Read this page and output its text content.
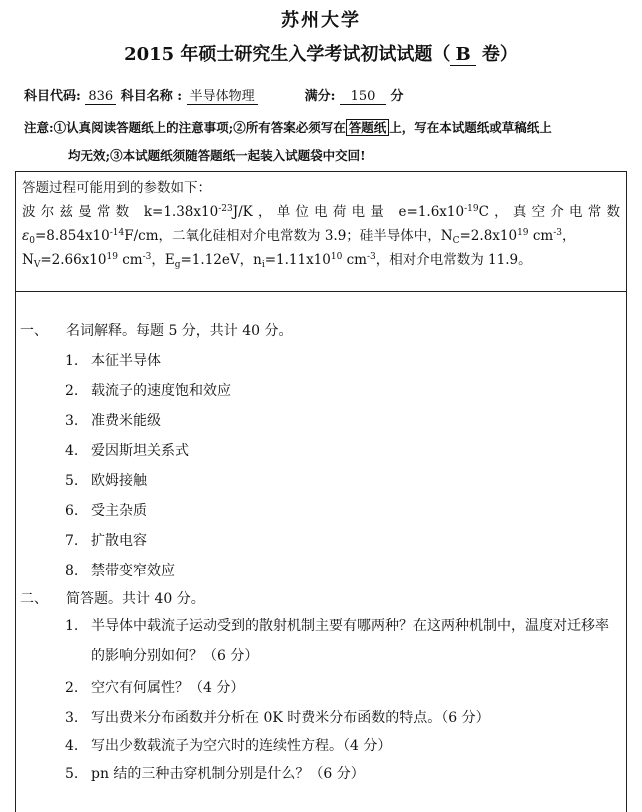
苏州大学
2015 年硕士研究生入学考试初试试题（ B 卷）
科目代码: 836 科目名称 : 半导体物理	满分: 150 分
注意:①认真阅读答题纸上的注意事项;②所有答案必须写在 答题纸 上，写在本试题纸或草稿纸上
均无效;③本试题纸须随答题纸一起装入试题袋中交回!

答题过程可能用到的参数如下：

波尔兹曼常数 $k=1.38x10^{-23}J/K$，单位电荷电量 $e=1.6x10^{-19}C$，真空介电常数

$\varepsilon_0=8.854x10^{-14}F/cm$，二氧化硅相对介电常数为 3.9；硅半导体中，$N_C=2.8x10^{19}$ $cm^{-3}$，

$N_V=2.66x10^{19}$ $cm^{-3}$，$E_g=1.12eV$，$n_i=1.11x10^{10}$ $cm^{-3}$，相对介电常数为 11.9。

一、 名词解释。每题 5 分，共计 40 分。
1. 本征半导体
2. 载流子的速度饱和效应
3. 准费米能级
4. 爱因斯坦关系式
5. 欧姆接触
6. 受主杂质
7. 扩散电容
8. 禁带变窄效应
二、 简答题。共计 40 分。
1. 半导体中载流子运动受到的散射机制主要有哪两种？在这两种机制中，温度对迁移率的影响分别如何？（6 分）
2. 空穴有何属性？（4 分）
3. 写出费米分布函数并分析在 0K 时费米分布函数的特点。（6 分）
4. 写出少数载流子为空穴时的连续性方程。（4 分）
5. pn 结的三种击穿机制分别是什么？（6 分）
